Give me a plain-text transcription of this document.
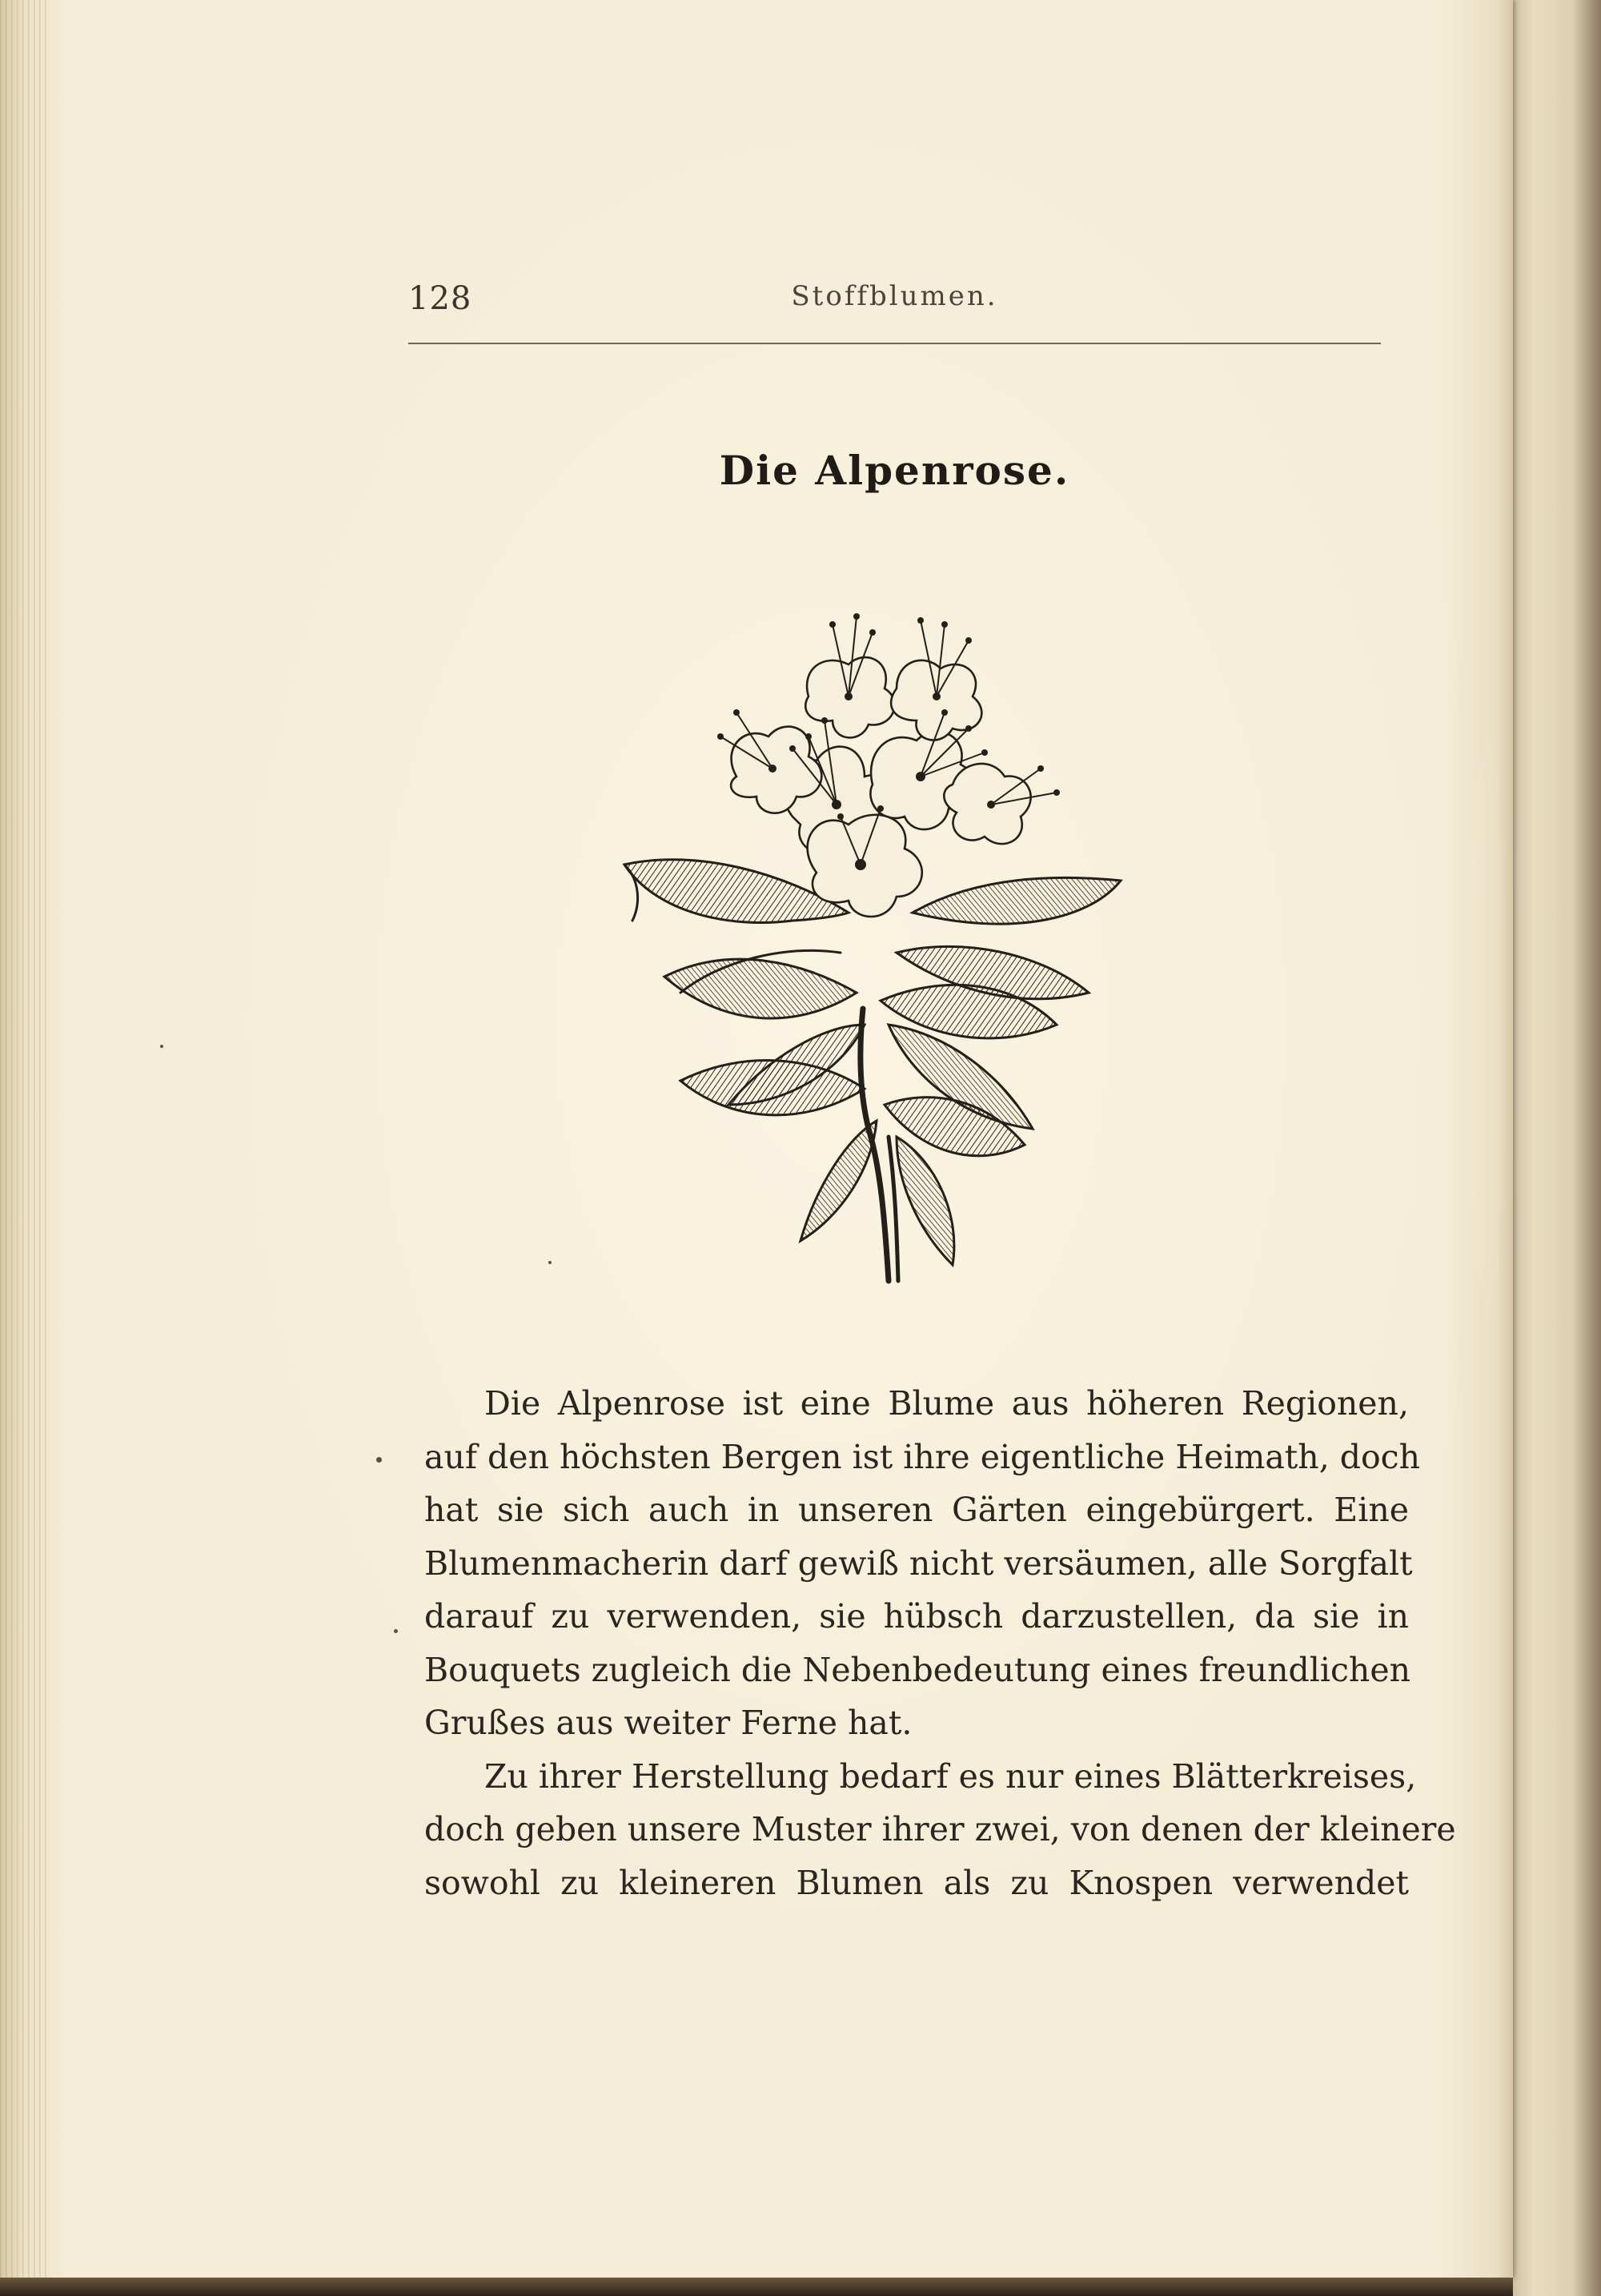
128	Stoffblumen.
Die Alpenrose.
Die Alpenrose ist eine Blume aus höheren Regionen,
auf den höchsten Bergen ist ihre eigentliche Heimath, doch
hat sie sich auch in unseren Gärten eingebürgert. Eine
Blumenmacherin darf gewiß nicht versäumen, alle Sorgfalt
darauf zu verwenden, sie hübsch darzustellen, da sie in
Bouquets zugleich die Nebenbedeutung eines freundlichen
Grußes aus weiter Ferne hat.
Zu ihrer Herstellung bedarf es nur eines Blätterkreises,
doch geben unsere Muster ihrer zwei, von denen der kleinere
sowohl zu kleineren Blumen als zu Knospen verwendet
